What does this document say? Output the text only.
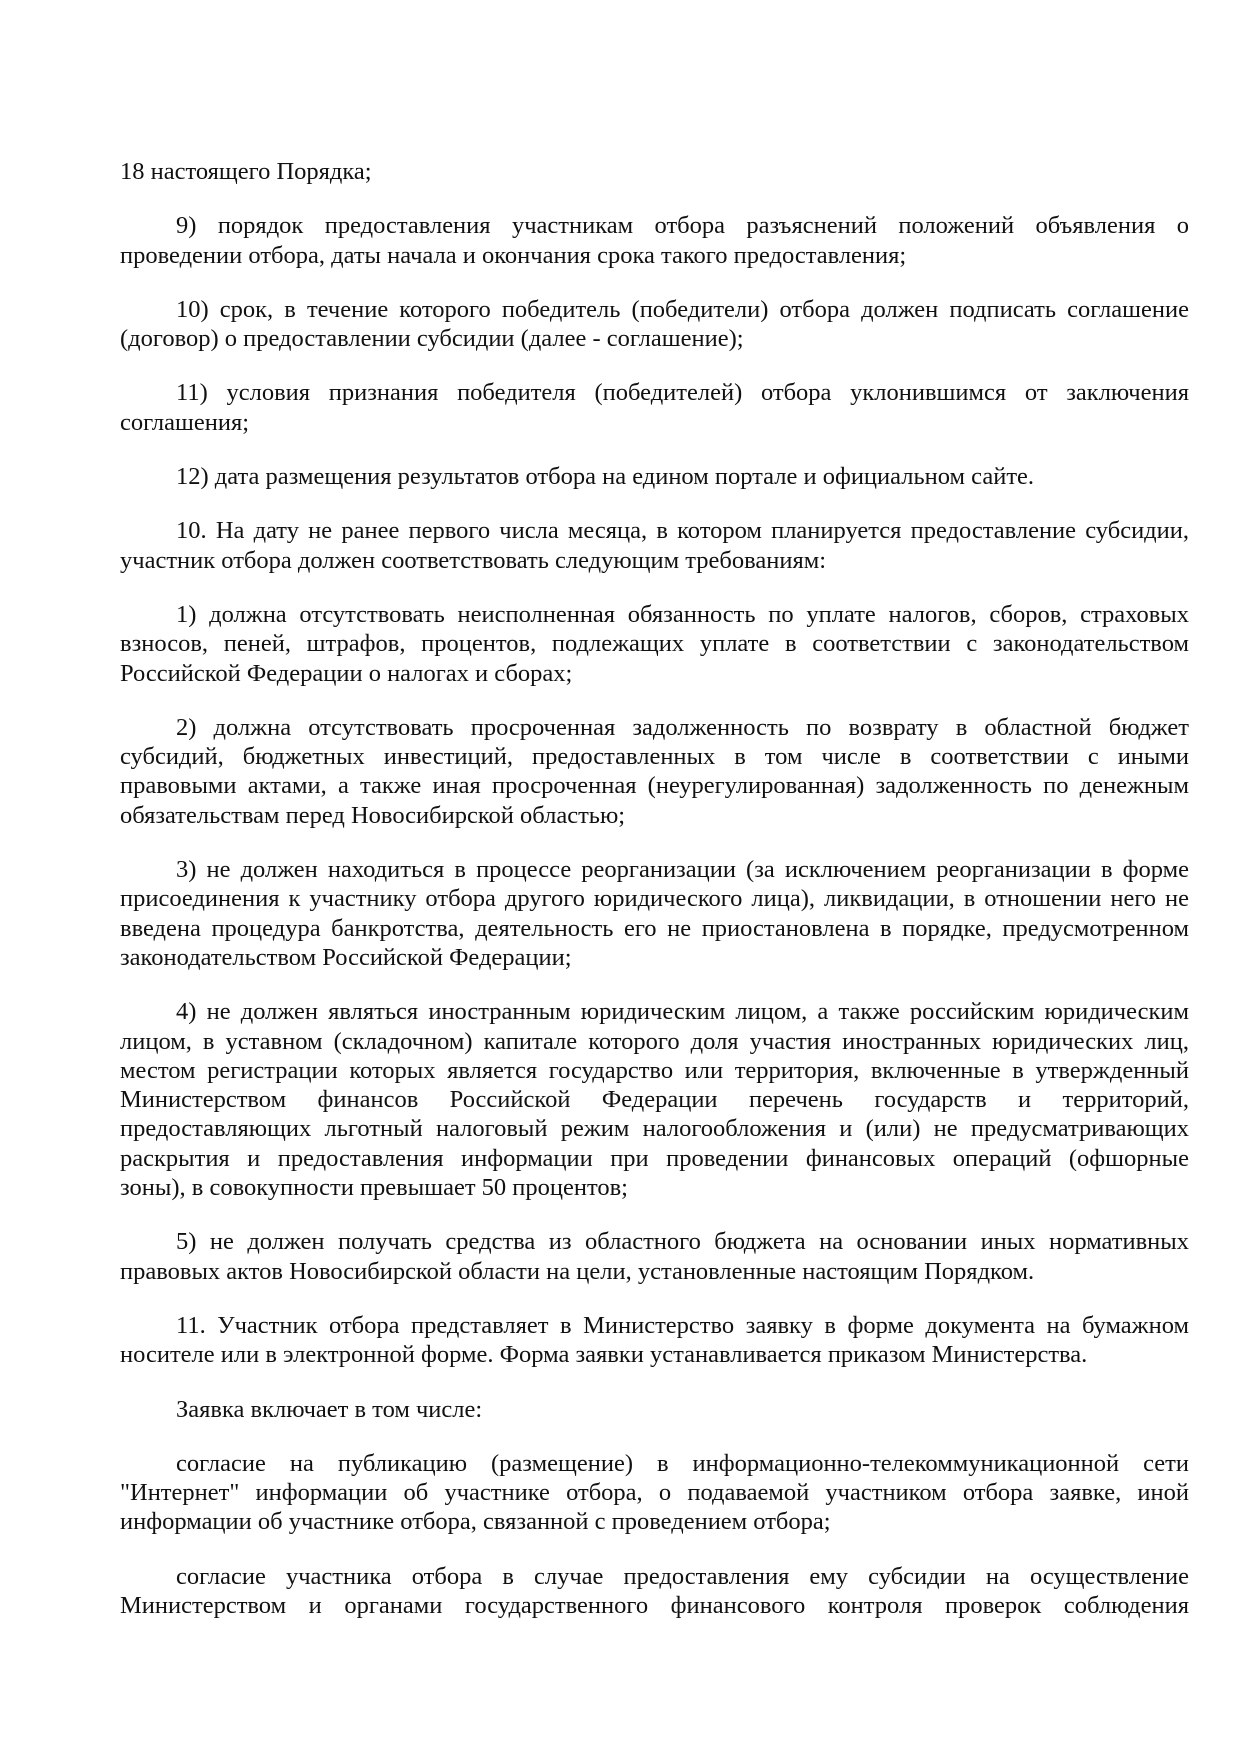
18 настоящего Порядка;
9) порядок предоставления участникам отбора разъяснений положений объявления о
проведении отбора, даты начала и окончания срока такого предоставления;
10) срок, в течение которого победитель (победители) отбора должен подписать соглашение
(договор) о предоставлении субсидии (далее - соглашение);
11) условия признания победителя (победителей) отбора уклонившимся от заключения
соглашения;
12) дата размещения результатов отбора на едином портале и официальном сайте.
10. На дату не ранее первого числа месяца, в котором планируется предоставление субсидии,
участник отбора должен соответствовать следующим требованиям:
1) должна отсутствовать неисполненная обязанность по уплате налогов, сборов, страховых
взносов, пеней, штрафов, процентов, подлежащих уплате в соответствии с законодательством
Российской Федерации о налогах и сборах;
2) должна отсутствовать просроченная задолженность по возврату в областной бюджет
субсидий, бюджетных инвестиций, предоставленных в том числе в соответствии с иными
правовыми актами, а также иная просроченная (неурегулированная) задолженность по денежным
обязательствам перед Новосибирской областью;
3) не должен находиться в процессе реорганизации (за исключением реорганизации в форме
присоединения к участнику отбора другого юридического лица), ликвидации, в отношении него не
введена процедура банкротства, деятельность его не приостановлена в порядке, предусмотренном
законодательством Российской Федерации;
4) не должен являться иностранным юридическим лицом, а также российским юридическим
лицом, в уставном (складочном) капитале которого доля участия иностранных юридических лиц,
местом регистрации которых является государство или территория, включенные в утвержденный
Министерством финансов Российской Федерации перечень государств и территорий,
предоставляющих льготный налоговый режим налогообложения и (или) не предусматривающих
раскрытия и предоставления информации при проведении финансовых операций (офшорные
зоны), в совокупности превышает 50 процентов;
5) не должен получать средства из областного бюджета на основании иных нормативных
правовых актов Новосибирской области на цели, установленные настоящим Порядком.
11. Участник отбора представляет в Министерство заявку в форме документа на бумажном
носителе или в электронной форме. Форма заявки устанавливается приказом Министерства.
Заявка включает в том числе:
согласие на публикацию (размещение) в информационно-телекоммуникационной сети
"Интернет" информации об участнике отбора, о подаваемой участником отбора заявке, иной
информации об участнике отбора, связанной с проведением отбора;
согласие участника отбора в случае предоставления ему субсидии на осуществление
Министерством и органами государственного финансового контроля проверок соблюдения
